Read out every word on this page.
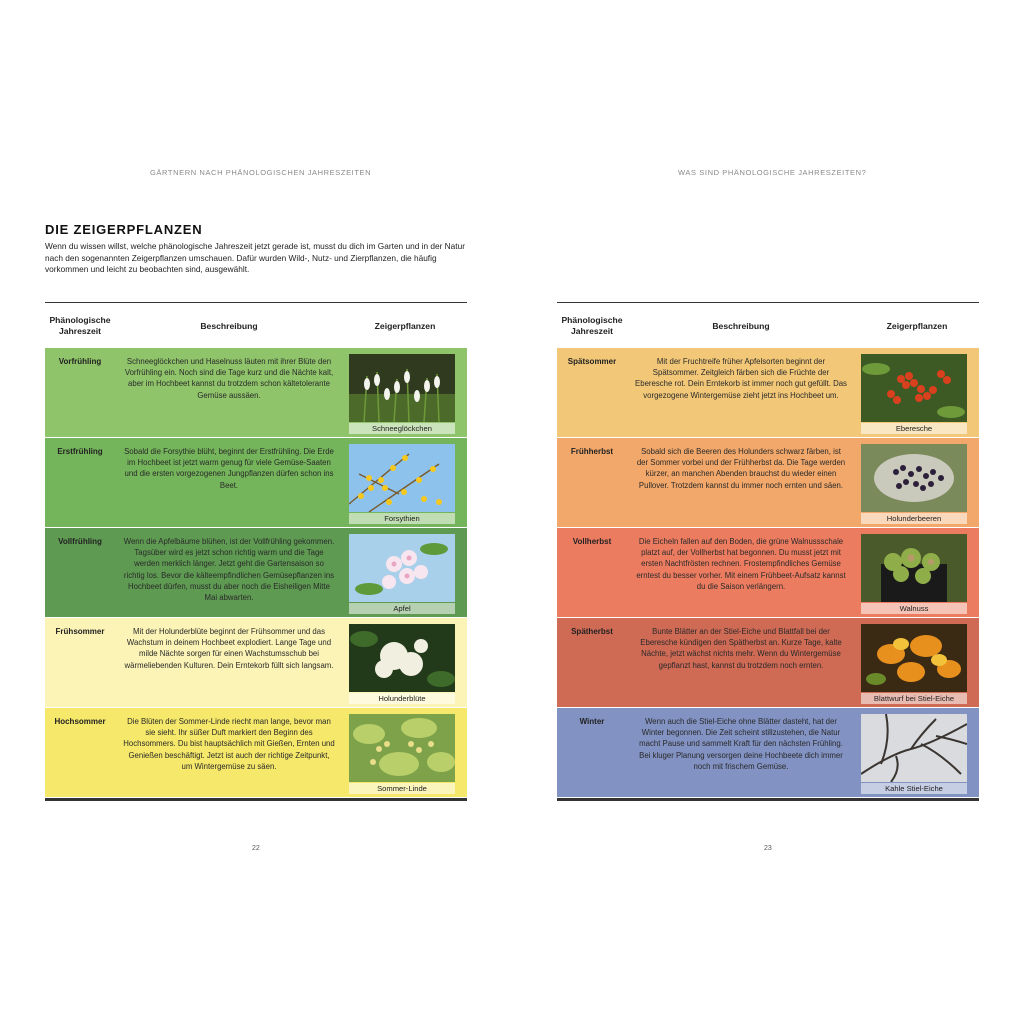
GÄRTNERN NACH PHÄNOLOGISCHEN JAHRESZEITEN
DIE ZEIGERPFLANZEN

Wenn du wissen willst, welche phänologische Jahreszeit jetzt gerade ist, musst du dich im Garten und in der Natur nach den sogenannten Zeigerpflanzen umschauen. Dafür wurden Wild-, Nutz- und Zierpflanzen, die häufig vorkommen und leicht zu beobachten sind, ausgewählt.

Phänologische Jahreszeit	Beschreibung	Zeigerpflanzen
Vorfrühling	Schneeglöckchen und Haselnuss läuten mit ihrer Blüte den Vorfrühling ein. Noch sind die Tage kurz und die Nächte kalt, aber im Hochbeet kannst du trotzdem schon kältetolerante Gemüse aussäen.
Schneeglöckchen
Erstfrühling	Sobald die Forsythie blüht, beginnt der Erstfrühling. Die Erde im Hochbeet ist jetzt warm genug für viele Gemüse-Saaten und die ersten vorgezogenen Jungpflanzen dürfen schon ins Beet.
Forsythien
Vollfrühling	Wenn die Apfelbäume blühen, ist der Vollfrühling gekommen. Tagsüber wird es jetzt schon richtig warm und die Tage werden merklich länger. Jetzt geht die Gartensaison so richtig los. Bevor die kälteempfindlichen Gemüsepflanzen ins Hochbeet dürfen, musst du aber noch die Eisheiligen Mitte Mai abwarten.
Apfel
Frühsommer	Mit der Holunderblüte beginnt der Frühsommer und das Wachstum in deinem Hochbeet explodiert. Lange Tage und milde Nächte sorgen für einen Wachstumsschub bei wärmeliebenden Kulturen. Dein Erntekorb füllt sich langsam.
Holunderblüte
Hochsommer	Die Blüten der Sommer-Linde riecht man lange, bevor man sie sieht. Ihr süßer Duft markiert den Beginn des Hochsommers. Du bist hauptsächlich mit Gießen, Ernten und Genießen beschäftigt. Jetzt ist auch der richtige Zeitpunkt, um Wintergemüse zu säen.
Sommer-Linde
22
WAS SIND PHÄNOLOGISCHE JAHRESZEITEN?
Phänologische Jahreszeit	Beschreibung	Zeigerpflanzen
Spätsommer	Mit der Fruchtreife früher Apfelsorten beginnt der Spätsommer. Zeitgleich färben sich die Früchte der Eberesche rot. Dein Erntekorb ist immer noch gut gefüllt. Das vorgezogene Wintergemüse zieht jetzt ins Hochbeet um.
Eberesche
Frühherbst	Sobald sich die Beeren des Holunders schwarz färben, ist der Sommer vorbei und der Frühherbst da. Die Tage werden kürzer, an manchen Abenden brauchst du wieder einen Pullover. Trotzdem kannst du immer noch ernten und säen.
Holunderbeeren
Vollherbst	Die Eicheln fallen auf den Boden, die grüne Walnussschale platzt auf, der Vollherbst hat begonnen. Du musst jetzt mit ersten Nachtfrösten rechnen. Frostempfindliches Gemüse erntest du besser vorher. Mit einem Frühbeet-Aufsatz kannst du die Saison verlängern.
Walnuss
Spätherbst	Bunte Blätter an der Stiel-Eiche und Blattfall bei der Eberesche kündigen den Spätherbst an. Kurze Tage, kalte Nächte, jetzt wächst nichts mehr. Wenn du Wintergemüse gepflanzt hast, kannst du trotzdem noch ernten.
Blattwurf bei Stiel-Eiche
Winter	Wenn auch die Stiel-Eiche ohne Blätter dasteht, hat der Winter begonnen. Die Zeit scheint stillzustehen, die Natur macht Pause und sammelt Kraft für den nächsten Frühling. Bei kluger Planung versorgen deine Hochbeete dich immer noch mit frischem Gemüse.
Kahle Stiel-Eiche
23
